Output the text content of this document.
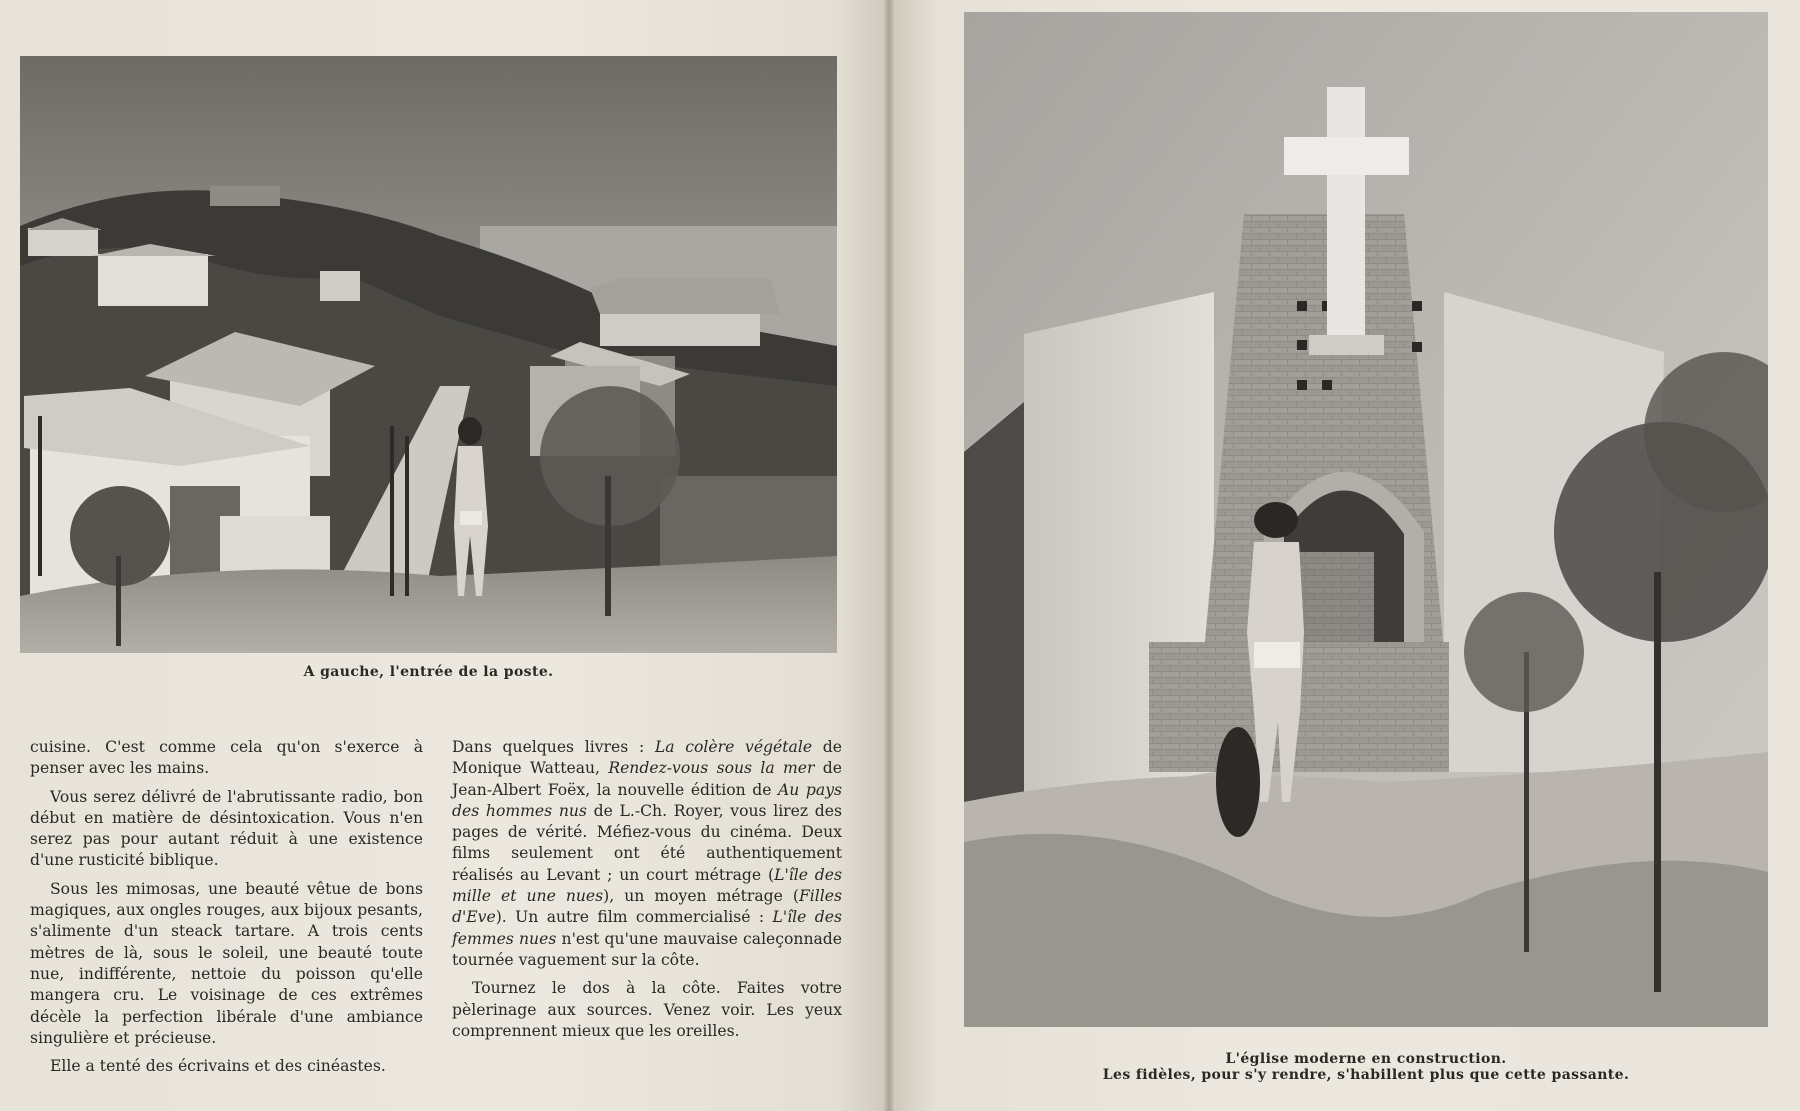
A gauche, l'entrée de la poste.

cuisine. C'est comme cela qu'on s'exerce à penser avec les mains.

Vous serez délivré de l'abrutissante radio, bon début en matière de désintoxication. Vous n'en serez pas pour autant réduit à une existence d'une rusticité biblique.

Sous les mimosas, une beauté vêtue de bons magiques, aux ongles rouges, aux bijoux pesants, s'alimente d'un steack tartare. A trois cents mètres de là, sous le soleil, une beauté toute nue, indifférente, nettoie du poisson qu'elle mangera cru. Le voisinage de ces extrêmes décèle la perfection libérale d'une ambiance singulière et précieuse.

Elle a tenté des écrivains et des cinéastes.

Dans quelques livres : La colère végétale de Monique Watteau, Rendez-vous sous la mer de Jean-Albert Foëx, la nouvelle édition de Au pays des hommes nus de L.-Ch. Royer, vous lirez des pages de vérité. Méfiez-vous du cinéma. Deux films seulement ont été authentiquement réalisés au Levant ; un court métrage (L'île des mille et une nues), un moyen métrage (Filles d'Eve). Un autre film commercialisé : L'île des femmes nues n'est qu'une mauvaise caleçonnade tournée vaguement sur la côte.

Tournez le dos à la côte. Faites votre pèlerinage aux sources. Venez voir. Les yeux comprennent mieux que les oreilles.

L'église moderne en construction.
Les fidèles, pour s'y rendre, s'habillent plus que cette passante.
